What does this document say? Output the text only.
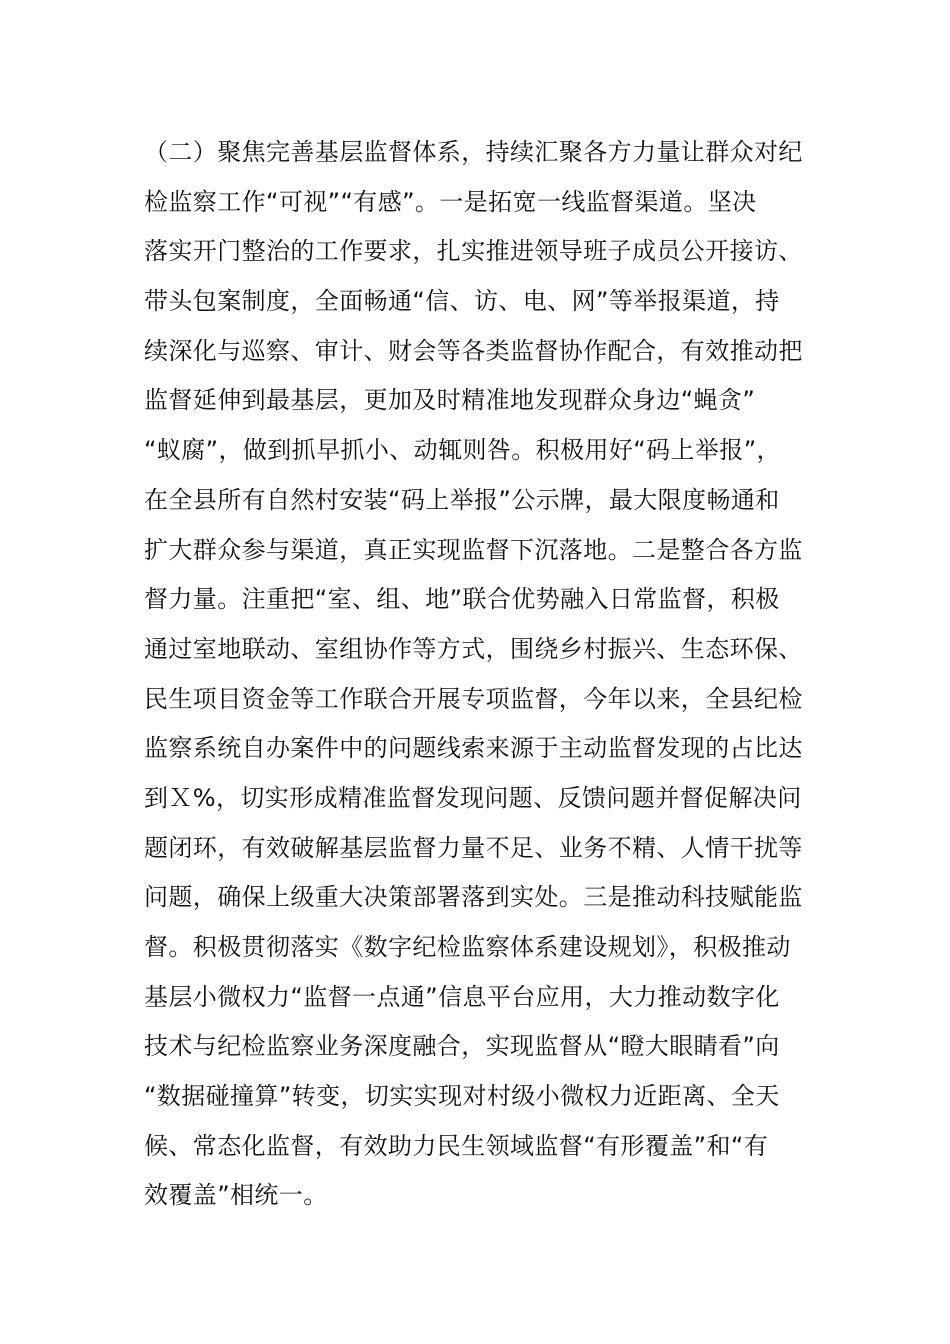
（二）聚焦完善基层监督体系，持续汇聚各方力量让群众对纪
检监察工作“可视”“有感”。一是拓宽一线监督渠道。坚决
落实开门整治的工作要求，扎实推进领导班子成员公开接访、
带头包案制度，全面畅通“信、访、电、网”等举报渠道，持
续深化与巡察、审计、财会等各类监督协作配合，有效推动把
监督延伸到最基层，更加及时精准地发现群众身边“蝇贪”
“蚁腐”，做到抓早抓小、动辄则咎。积极用好“码上举报”，
在全县所有自然村安装“码上举报”公示牌，最大限度畅通和
扩大群众参与渠道，真正实现监督下沉落地。二是整合各方监
督力量。注重把“室、组、地”联合优势融入日常监督，积极
通过室地联动、室组协作等方式，围绕乡村振兴、生态环保、
民生项目资金等工作联合开展专项监督，今年以来，全县纪检
监察系统自办案件中的问题线索来源于主动监督发现的占比达
到Ｘ%，切实形成精准监督发现问题、反馈问题并督促解决问
题闭环，有效破解基层监督力量不足、业务不精、人情干扰等
问题，确保上级重大决策部署落到实处。三是推动科技赋能监
督。积极贯彻落实《数字纪检监察体系建设规划》，积极推动
基层小微权力“监督一点通”信息平台应用，大力推动数字化
技术与纪检监察业务深度融合，实现监督从“瞪大眼睛看”向
“数据碰撞算”转变，切实实现对村级小微权力近距离、全天
候、常态化监督，有效助力民生领域监督“有形覆盖”和“有
效覆盖”相统一。
